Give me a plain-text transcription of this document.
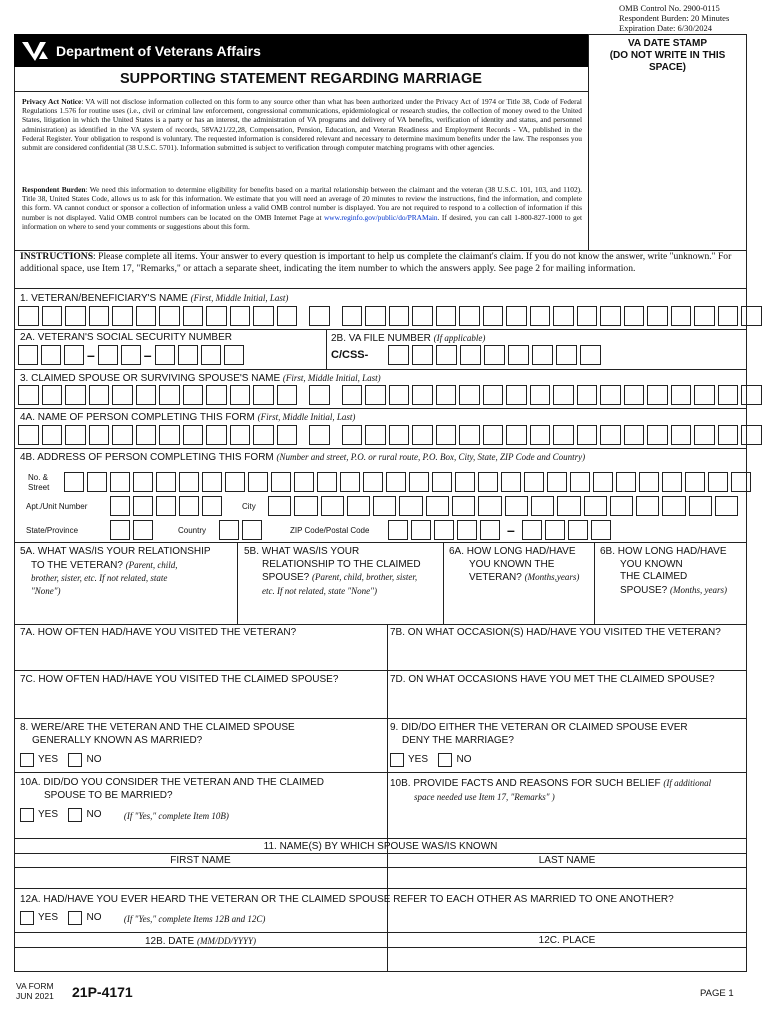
OMB Control No. 2900-0115
Respondent Burden: 20 Minutes
Expiration Date: 6/30/2024
Department of Veterans Affairs
SUPPORTING STATEMENT REGARDING MARRIAGE
VA DATE STAMP
(DO NOT WRITE IN THIS
SPACE)
Privacy Act Notice: VA will not disclose information collected on this form to any source other than what has been authorized under the Privacy Act of 1974 or Title 38, Code of Federal Regulations 1.576 for routine uses (i.e., civil or criminal law enforcement, congressional communications, epidemiological or research studies, the collection of money owed to the United States, litigation in which the United States is a party or has an interest, the administration of VA programs and delivery of VA benefits, verification of identity and status, and personnel administration) as identified in the VA system of records, 58VA21/22,28, Compensation, Pension, Education, and Veteran Readiness and Employment Records - VA, published in the Federal Register. Your obligation to respond is voluntary. The requested information is considered relevant and necessary to determine maximum benefits under the law. The responses you submit are considered confidential (38 U.S.C. 5701). Information submitted is subject to verification through computer matching programs with other agencies.
Respondent Burden: We need this information to determine eligibility for benefits based on a marital relationship between the claimant and the veteran (38 U.S.C. 101, 103, and 1102). Title 38, United States Code, allows us to ask for this information. We estimate that you will need an average of 20 minutes to review the instructions, find the information, and complete this form. VA cannot conduct or sponsor a collection of information unless a valid OMB control number is displayed. You are not required to respond to a collection of information if this number is not displayed. Valid OMB control numbers can be located on the OMB Internet Page at www.reginfo.gov/public/do/PRAMain. If desired, you can call 1-800-827-1000 to get information on where to send your comments or suggestions about this form.
INSTRUCTIONS: Please complete all items. Your answer to every question is important to help us complete the claimant's claim. If you do not know the answer, write "unknown." For additional space, use Item 17, "Remarks," or attach a separate sheet, indicating the item number to which the answers apply. See page 2 for mailing information.
1. VETERAN/BENEFICIARY'S NAME (First, Middle Initial, Last)
2A. VETERAN'S SOCIAL SECURITY NUMBER	2B. VA FILE NUMBER (If applicable)
–	–	C/CSS-
3. CLAIMED SPOUSE OR SURVIVING SPOUSE'S NAME (First, Middle Initial, Last)
4A. NAME OF PERSON COMPLETING THIS FORM (First, Middle Initial, Last)
4B. ADDRESS OF PERSON COMPLETING THIS FORM (Number and street, P.O. or rural route, P.O. Box, City, State, ZIP Code and Country)
No. &
Street
Apt./Unit Number	City
State/Province	Country	ZIP Code/Postal Code	–
5A. WHAT WAS/IS YOUR RELATIONSHIP
TO THE VETERAN? (Parent, child,
brother, sister, etc. If not related, state
"None")
5B. WHAT WAS/IS YOUR
RELATIONSHIP TO THE CLAIMED
SPOUSE? (Parent, child, brother, sister,
etc. If not related, state "None")
6A. HOW LONG HAD/HAVE
YOU KNOWN THE
VETERAN? (Months,years)
6B. HOW LONG HAD/HAVE
YOU KNOWN
THE CLAIMED
SPOUSE? (Months, years)
7A. HOW OFTEN HAD/HAVE YOU VISITED THE VETERAN?	7B. ON WHAT OCCASION(S) HAD/HAVE YOU VISITED THE VETERAN?
7C. HOW OFTEN HAD/HAVE YOU VISITED THE CLAIMED SPOUSE?	7D. ON WHAT OCCASIONS HAVE YOU MET THE CLAIMED SPOUSE?
8. WERE/ARE THE VETERAN AND THE CLAIMED SPOUSE
GENERALLY KNOWN AS MARRIED?
YES	NO
9. DID/DO EITHER THE VETERAN OR CLAIMED SPOUSE EVER
DENY THE MARRIAGE?
YES	NO
10A. DID/DO YOU CONSIDER THE VETERAN AND THE CLAIMED
SPOUSE TO BE MARRIED?
YES	NO (If "Yes," complete Item 10B)
10B. PROVIDE FACTS AND REASONS FOR SUCH BELIEF (If additional
space needed use Item 17, "Remarks" )
11. NAME(S) BY WHICH SPOUSE WAS/IS KNOWN
FIRST NAME	LAST NAME
12A. HAD/HAVE YOU EVER HEARD THE VETERAN OR THE CLAIMED SPOUSE REFER TO EACH OTHER AS MARRIED TO ONE ANOTHER?
YES	NO (If "Yes," complete Items 12B and 12C)
12B. DATE (MM/DD/YYYY)	12C. PLACE
VA FORM
JUN 2021 21P-4171	PAGE 1
